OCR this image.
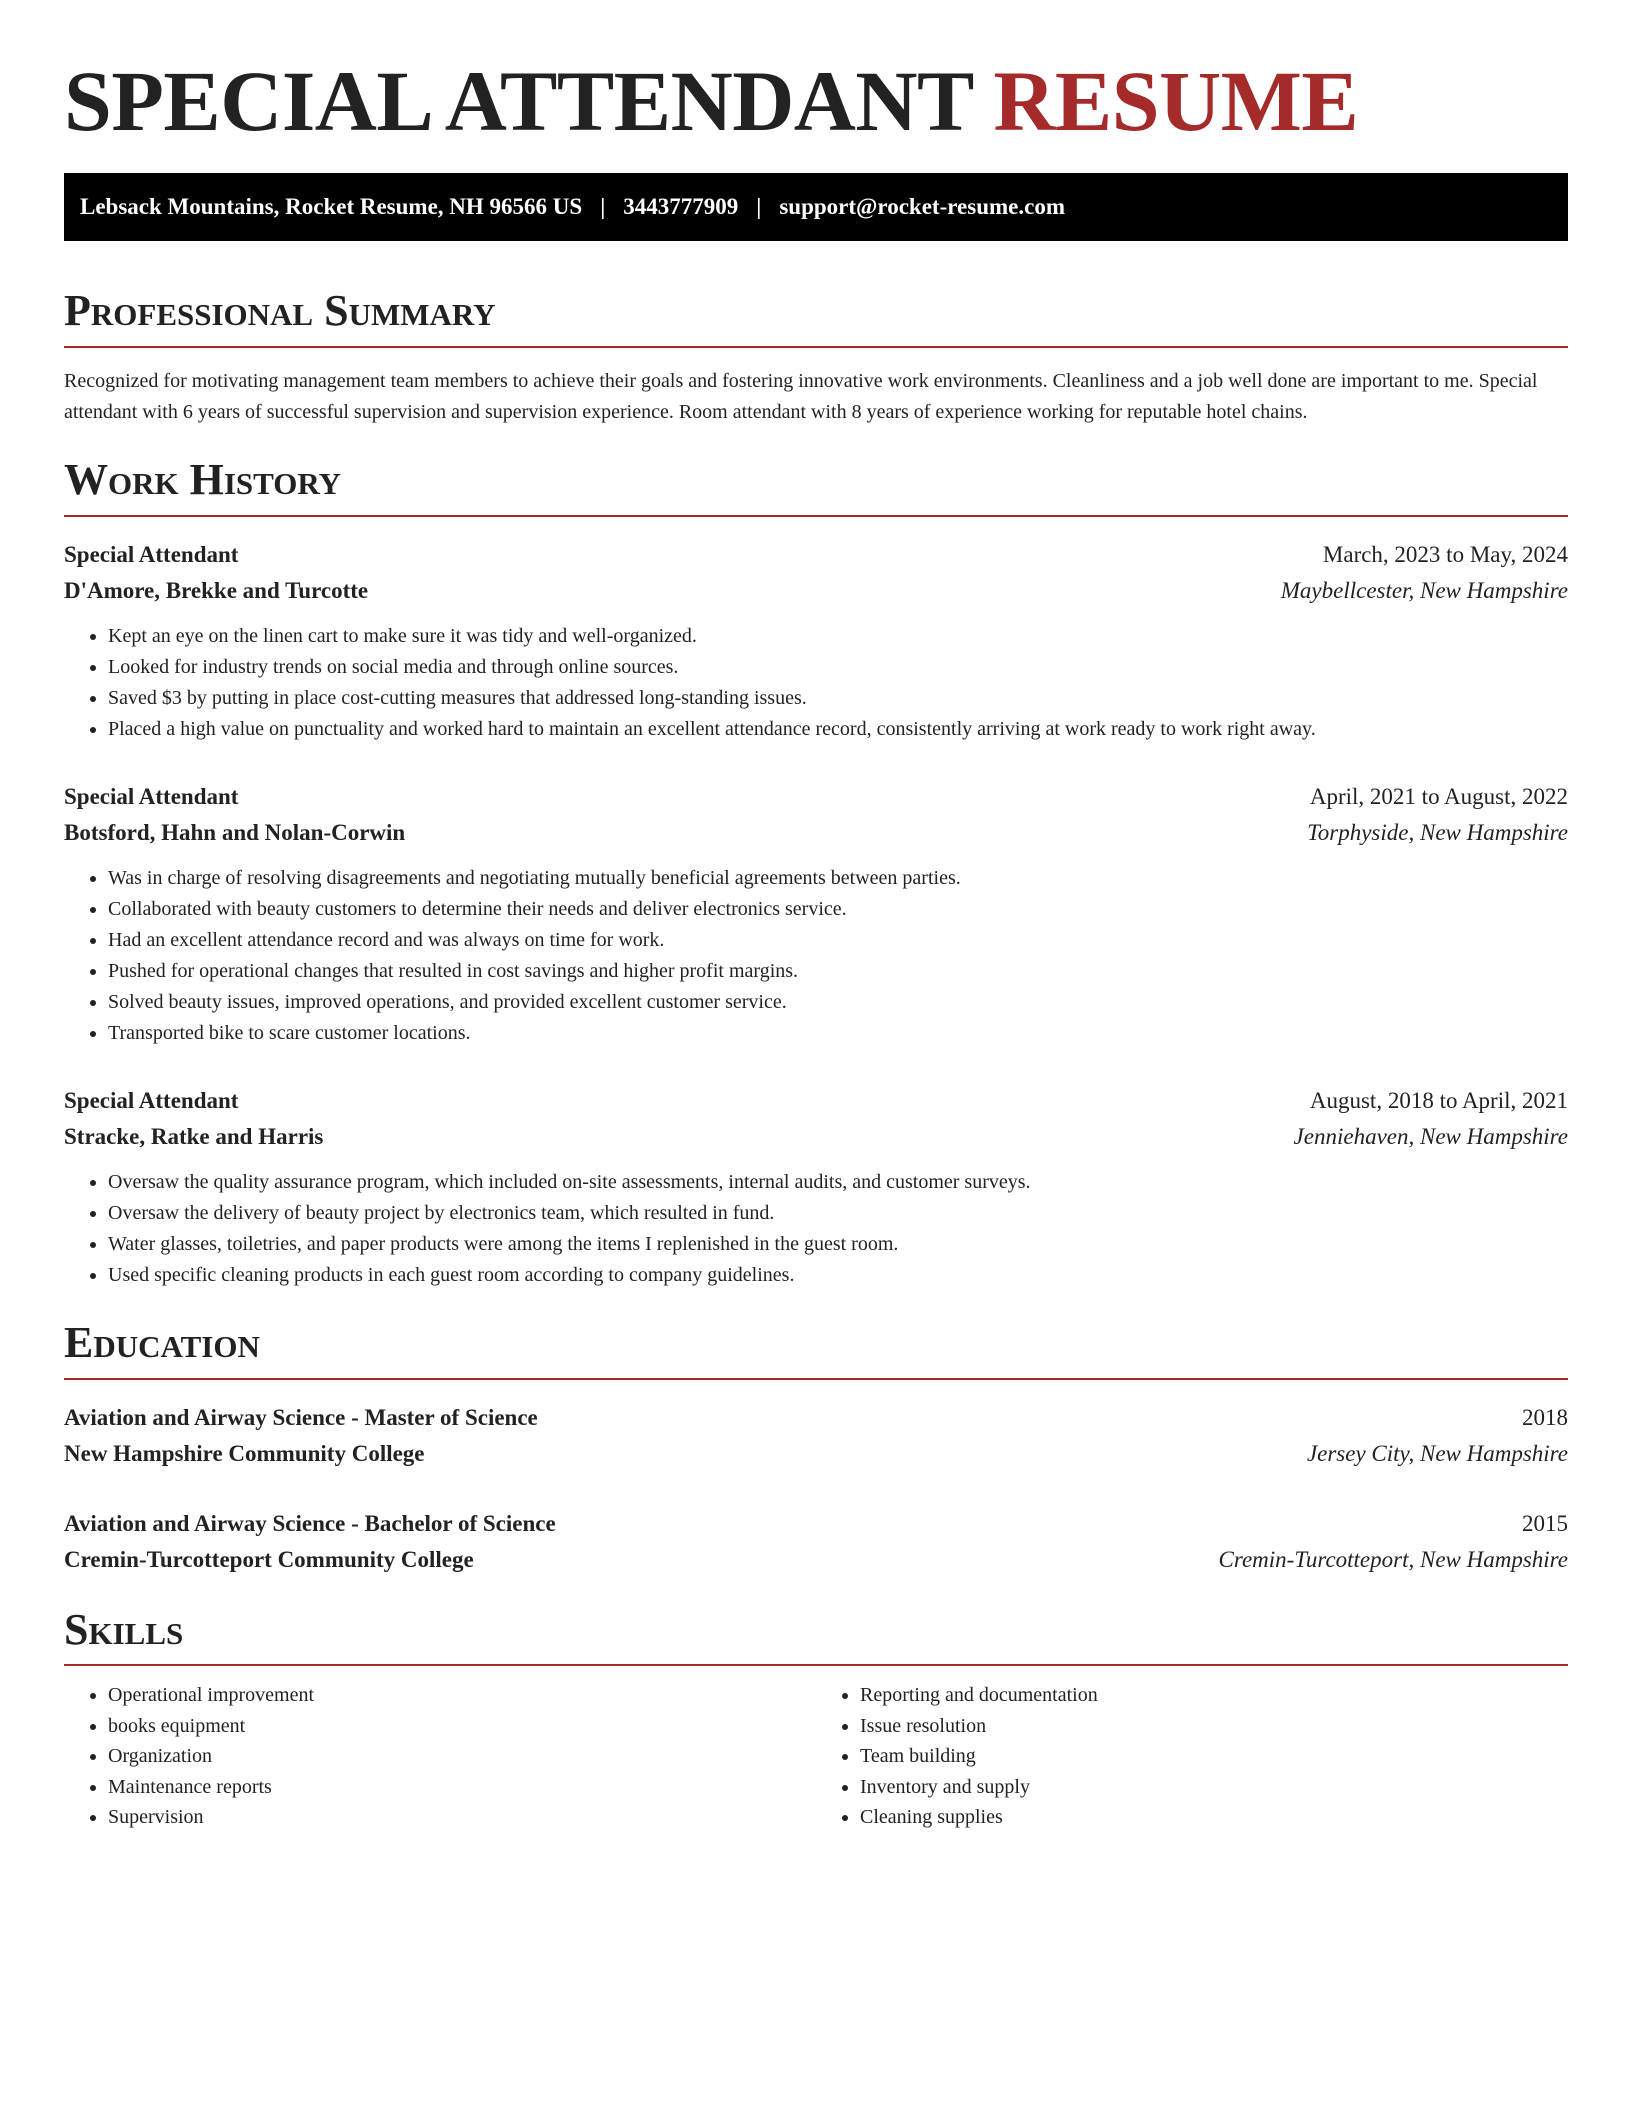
SPECIAL ATTENDANT RESUME
Lebsack Mountains, Rocket Resume, NH 96566 US | 3443777909 | support@rocket-resume.com
Professional Summary

Recognized for motivating management team members to achieve their goals and fostering innovative work environments. Cleanliness and a job well done are important to me. Special attendant with 6 years of successful supervision and supervision experience. Room attendant with 8 years of experience working for reputable hotel chains.

Work History
Special Attendant	March, 2023 to May, 2024
D'Amore, Brekke and Turcotte	Maybellcester, New Hampshire
• Kept an eye on the linen cart to make sure it was tidy and well-organized.
• Looked for industry trends on social media and through online sources.
• Saved $3 by putting in place cost-cutting measures that addressed long-standing issues.
• Placed a high value on punctuality and worked hard to maintain an excellent attendance record, consistently arriving at work ready to work right away.
Special Attendant	April, 2021 to August, 2022
Botsford, Hahn and Nolan-Corwin	Torphyside, New Hampshire
• Was in charge of resolving disagreements and negotiating mutually beneficial agreements between parties.
• Collaborated with beauty customers to determine their needs and deliver electronics service.
• Had an excellent attendance record and was always on time for work.
• Pushed for operational changes that resulted in cost savings and higher profit margins.
• Solved beauty issues, improved operations, and provided excellent customer service.
• Transported bike to scare customer locations.
Special Attendant	August, 2018 to April, 2021
Stracke, Ratke and Harris	Jenniehaven, New Hampshire
• Oversaw the quality assurance program, which included on-site assessments, internal audits, and customer surveys.
• Oversaw the delivery of beauty project by electronics team, which resulted in fund.
• Water glasses, toiletries, and paper products were among the items I replenished in the guest room.
• Used specific cleaning products in each guest room according to company guidelines.
Education
Aviation and Airway Science - Master of Science	2018
New Hampshire Community College	Jersey City, New Hampshire
Aviation and Airway Science - Bachelor of Science	2015
Cremin-Turcotteport Community College	Cremin-Turcotteport, New Hampshire
Skills
• Operational improvement
• books equipment
• Organization
• Maintenance reports
• Supervision
• Reporting and documentation
• Issue resolution
• Team building
• Inventory and supply
• Cleaning supplies
